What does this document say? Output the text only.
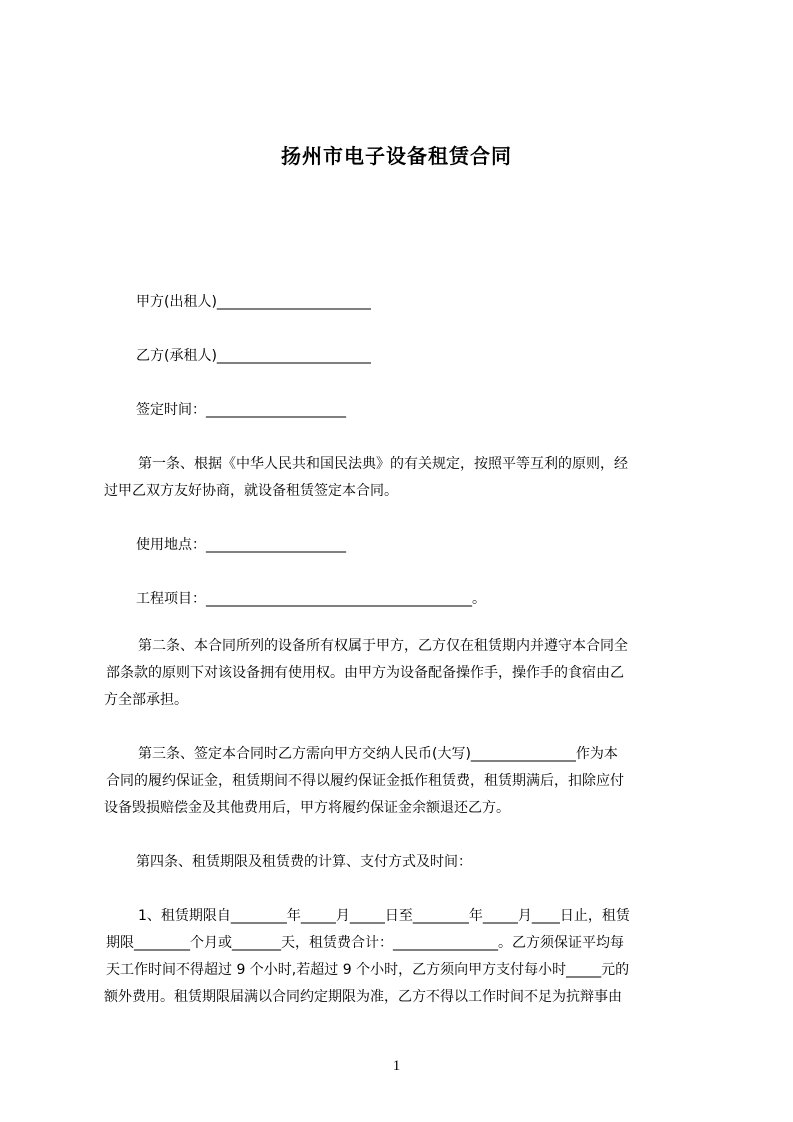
扬州市电子设备租赁合同
甲方(出租人)______________________
乙方(承租人)______________________
签定时间：____________________
第一条、根据《中华人民共和国民法典》的有关规定，按照平等互利的原则，经
过甲乙双方友好协商，就设备租赁签定本合同。
使用地点：____________________
工程项目：______________________________________。
第二条、本合同所列的设备所有权属于甲方，乙方仅在租赁期内并遵守本合同全
部条款的原则下对该设备拥有使用权。由甲方为设备配备操作手，操作手的食宿由乙
方全部承担。
第三条、签定本合同时乙方需向甲方交纳人民币(大写)_______________作为本
合同的履约保证金，租赁期间不得以履约保证金抵作租赁费，租赁期满后，扣除应付
设备毁损赔偿金及其他费用后，甲方将履约保证金余额退还乙方。
第四条、租赁期限及租赁费的计算、支付方式及时间：
1、租赁期限自________年_____月_____日至________年_____月____日止，租赁
期限________个月或_______天，租赁费合计：_______________。乙方须保证平均每
天工作时间不得超过 9 个小时,若超过 9 个小时，乙方须向甲方支付每小时_____元的
额外费用。租赁期限届满以合同约定期限为准，乙方不得以工作时间不足为抗辩事由
1
